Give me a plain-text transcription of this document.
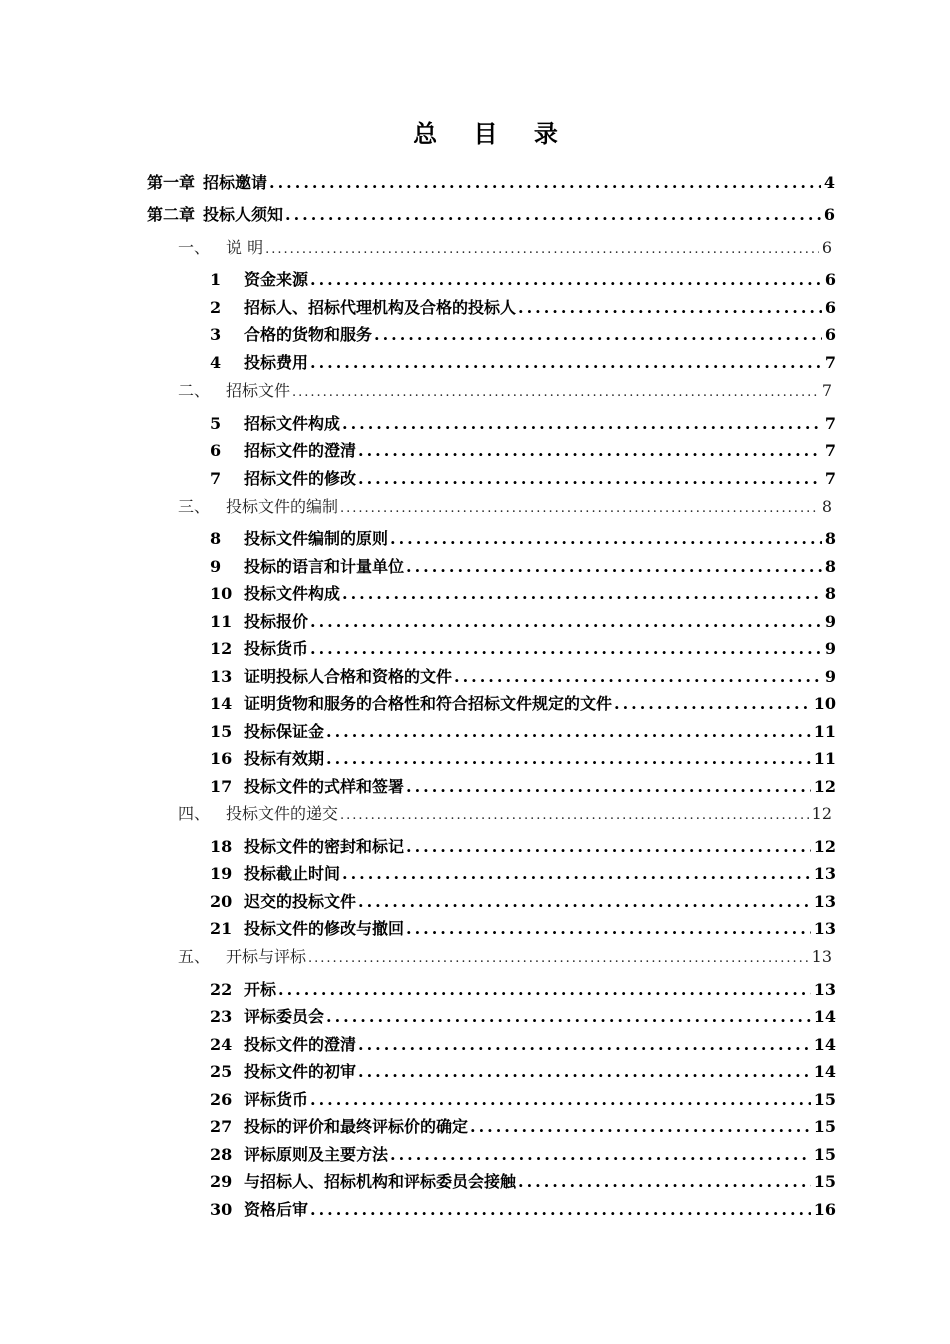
总 目 录
第一章 招标邀请 .....	4
第二章 投标人须知 .....	6
一、 说 明 .....	6
1	资金来源 .....	6
2	招标人、招标代理机构及合格的投标人 .....	6
3	合格的货物和服务 .....	6
4	投标费用 .....	7
二、 招标文件 .....	7
5	招标文件构成 .....	7
6	招标文件的澄清 .....	7
7	招标文件的修改 .....	7
三、 投标文件的编制 .....	8
8	投标文件编制的原则 .....	8
9	投标的语言和计量单位 .....	8
10 投标文件构成 .....	8
11 投标报价 .....	9
12 投标货币 .....	9
13 证明投标人合格和资格的文件 .....	9
14 证明货物和服务的合格性和符合招标文件规定的文件 .....	10
15 投标保证金 .....	11
16 投标有效期 .....	11
17 投标文件的式样和签署 .....	12
四、 投标文件的递交 .....	12
18 投标文件的密封和标记 .....	12
19 投标截止时间 .....	13
20 迟交的投标文件 .....	13
21 投标文件的修改与撤回 .....	13
五、 开标与评标 .....	13
22 开标 .....	13
23 评标委员会 .....	14
24 投标文件的澄清 .....	14
25 投标文件的初审 .....	14
26 评标货币 .....	15
27 投标的评价和最终评标价的确定 .....	15
28 评标原则及主要方法 .....	15
29 与招标人、招标机构和评标委员会接触 .....	15
30 资格后审 .....	16
